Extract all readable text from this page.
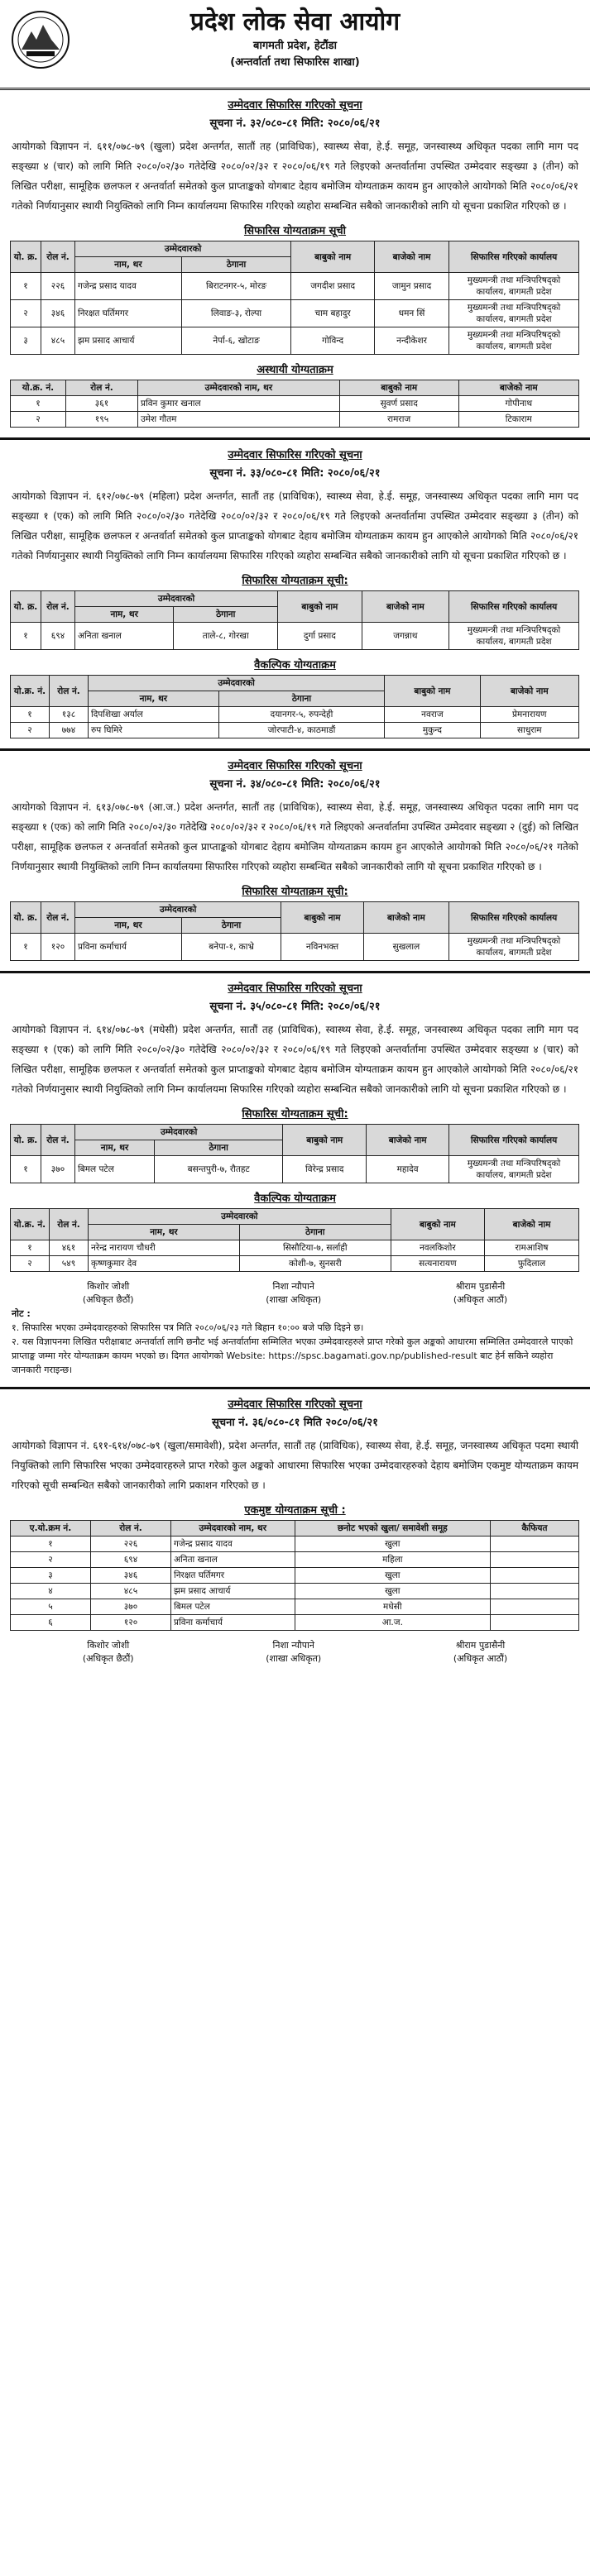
प्रदेश लोक सेवा आयोग
बागमती प्रदेश, हेटौंडा
(अन्तर्वार्ता तथा सिफारिस शाखा)
उम्मेदवार सिफारिस गरिएको सूचना
सूचना नं. ३२/०८०-८१ मिति: २०८०/०६/२१
आयोगको विज्ञापन नं. ६११/०७८-७९ (खुला) प्रदेश अन्तर्गत, सातौं तह (प्राविधिक), स्वास्थ्य सेवा, हे.ई. समूह, जनस्वास्थ्य अधिकृत पदका लागि माग पद सङ्ख्या ४ (चार) को लागि मिति २०८०/०२/३० गतेदेखि २०८०/०२/३२ र २०८०/०६/१९ गते लिइएको अन्तर्वार्तामा उपस्थित उम्मेदवार सङ्ख्या ३ (तीन) को लिखित परीक्षा, सामूहिक छलफल र अन्तर्वार्ता समेतको कुल प्राप्ताङ्कको योगबाट देहाय बमोजिम योग्यताक्रम कायम हुन आएकोले आयोगको मिति २०८०/०६/२१ गतेको निर्णयानुसार स्थायी नियुक्तिको लागि निम्न कार्यालयमा सिफारिस गरिएको व्यहोरा सम्बन्धित सबैको जानकारीको लागि यो सूचना प्रकाशित गरिएको छ ।
सिफारिस योग्यताक्रम सूची
यो. क्र.	रोल नं.	उम्मेदवारको		बाबुको नाम	बाजेको नाम	सिफारिस गरिएको कार्यालय
		नाम, थर	ठेगाना			
१	२२६	गजेन्द्र प्रसाद यादव	बिराटनगर-५, मोरङ	जगदीश प्रसाद	जामुन प्रसाद	मुख्यमन्त्री तथा मन्त्रिपरिषद्को कार्यालय, बागमती प्रदेश
२	३४६	निरक्षत घर्तिमगर	लिवाङ-३, रोल्पा	चाम बहादुर	धमन सिं	मुख्यमन्त्री तथा मन्त्रिपरिषद्को कार्यालय, बागमती प्रदेश
३	४८५	झम प्रसाद आचार्य	नेर्पा-६, खोटाङ	गोविन्द	नन्दीकेशर	मुख्यमन्त्री तथा मन्त्रिपरिषद्को कार्यालय, बागमती प्रदेश
अस्थायी योग्यताक्रम
यो.क्र. नं.	रोल नं.	उम्मेदवारको नाम, थर	बाबुको नाम	बाजेको नाम
१	३६१	प्रविन कुमार खनाल	सुवर्ण प्रसाद	गोपीनाथ
२	१९५	उमेश गौतम	रामराज	टिकाराम
उम्मेदवार सिफारिस गरिएको सूचना
सूचना नं. ३३/०८०-८१ मिति: २०८०/०६/२१
आयोगको विज्ञापन नं. ६१२/०७८-७९ (महिला) प्रदेश अन्तर्गत, सातौं तह (प्राविधिक), स्वास्थ्य सेवा, हे.ई. समूह, जनस्वास्थ्य अधिकृत पदका लागि माग पद सङ्ख्या १ (एक) को लागि मिति २०८०/०२/३० गतेदेखि २०८०/०२/३२ र २०८०/०६/१९ गते लिइएको अन्तर्वार्तामा उपस्थित उम्मेदवार सङ्ख्या ३ (तीन) को लिखित परीक्षा, सामूहिक छलफल र अन्तर्वार्ता समेतको कुल प्राप्ताङ्कको योगबाट देहाय बमोजिम योग्यताक्रम कायम हुन आएकोले आयोगको मिति २०८०/०६/२१ गतेको निर्णयानुसार स्थायी नियुक्तिको लागि निम्न कार्यालयमा सिफारिस गरिएको व्यहोरा सम्बन्धित सबैको जानकारीको लागि यो सूचना प्रकाशित गरिएको छ ।
सिफारिस योग्यताक्रम सूची:
यो. क्र.	रोल नं.	उम्मेदवारको		बाबुको नाम	बाजेको नाम	सिफारिस गरिएको कार्यालय
		नाम, थर	ठेगाना			
१	६९४	अनिता खनाल	ताले-८, गोरखा	दुर्गा प्रसाद	जगन्नाथ	मुख्यमन्त्री तथा मन्त्रिपरिषद्को कार्यालय, बागमती प्रदेश
वैकल्पिक योग्यताक्रम
यो.क्र. नं.	रोल नं.	उम्मेदवारको		बाबुको नाम	बाजेको नाम
		नाम, थर	ठेगाना		
१	१३८	दिपशिखा अर्याल	दयानगर-५, रुपन्देही	नवराज	प्रेमनारायण
२	७७४	रुप घिमिरे	जोरपाटी-४, काठमाडौं	मुकुन्द	साधुराम
उम्मेदवार सिफारिस गरिएको सूचना
सूचना नं. ३४/०८०-८१ मिति: २०८०/०६/२१
आयोगको विज्ञापन नं. ६१३/०७८-७९ (आ.ज.) प्रदेश अन्तर्गत, सातौं तह (प्राविधिक), स्वास्थ्य सेवा, हे.ई. समूह, जनस्वास्थ्य अधिकृत पदका लागि माग पद सङ्ख्या १ (एक) को लागि मिति २०८०/०२/३० गतेदेखि २०८०/०२/३२ र २०८०/०६/१९ गते लिइएको अन्तर्वार्तामा उपस्थित उम्मेदवार सङ्ख्या २ (दुई) को लिखित परीक्षा, सामूहिक छलफल र अन्तर्वार्ता समेतको कुल प्राप्ताङ्कको योगबाट देहाय बमोजिम योग्यताक्रम कायम हुन आएकोले आयोगको मिति २०८०/०६/२१ गतेको निर्णयानुसार स्थायी नियुक्तिको लागि निम्न कार्यालयमा सिफारिस गरिएको व्यहोरा सम्बन्धित सबैको जानकारीको लागि यो सूचना प्रकाशित गरिएको छ ।
सिफारिस योग्यताक्रम सूची:
यो. क्र.	रोल नं.	उम्मेदवारको		बाबुको नाम	बाजेको नाम	सिफारिस गरिएको कार्यालय
		नाम, थर	ठेगाना			
१	१२०	प्रविना कर्माचार्य	बनेपा-१, काभ्रे	नविनभक्त	सुखलाल	मुख्यमन्त्री तथा मन्त्रिपरिषद्को कार्यालय, बागमती प्रदेश
उम्मेदवार सिफारिस गरिएको सूचना
सूचना नं. ३५/०८०-८१ मिति: २०८०/०६/२१
आयोगको विज्ञापन नं. ६१४/०७८-७९ (मधेसी) प्रदेश अन्तर्गत, सातौं तह (प्राविधिक), स्वास्थ्य सेवा, हे.ई. समूह, जनस्वास्थ्य अधिकृत पदका लागि माग पद सङ्ख्या १ (एक) को लागि मिति २०८०/०२/३० गतेदेखि २०८०/०२/३२ र २०८०/०६/१९ गते लिइएको अन्तर्वार्तामा उपस्थित उम्मेदवार सङ्ख्या ४ (चार) को लिखित परीक्षा, सामूहिक छलफल र अन्तर्वार्ता समेतको कुल प्राप्ताङ्कको योगबाट देहाय बमोजिम योग्यताक्रम कायम हुन आएकोले आयोगको मिति २०८०/०६/२१ गतेको निर्णयानुसार स्थायी नियुक्तिको लागि निम्न कार्यालयमा सिफारिस गरिएको व्यहोरा सम्बन्धित सबैको जानकारीको लागि यो सूचना प्रकाशित गरिएको छ ।
सिफारिस योग्यताक्रम सूची:
यो. क्र.	रोल नं.	उम्मेदवारको		बाबुको नाम	बाजेको नाम	सिफारिस गरिएको कार्यालय
		नाम, थर	ठेगाना			
१	३७०	बिमल पटेल	बसन्तपुरी-७, रौतहट	विरेन्द्र प्रसाद	महादेव	मुख्यमन्त्री तथा मन्त्रिपरिषद्को कार्यालय, बागमती प्रदेश
वैकल्पिक योग्यताक्रम
यो.क्र. नं.	रोल नं.	उम्मेदवारको		बाबुको नाम	बाजेको नाम
		नाम, थर	ठेगाना		
१	४६१	नरेन्द्र नारायण चौधरी	सिसौटिया-७, सर्लाही	नवलकिशोर	रामआशिष
२	५४९	कृष्णकुमार देव	कोशी-७, सुनसरी	सत्यनारायण	फुदिलाल
किशोर जोशी
(अधिकृत छैठौं)
निशा न्यौपाने
(शाखा अधिकृत)
श्रीराम पुडासैनी
(अधिकृत आठौं)
नोट :
१. सिफारिस भएका उम्मेदवारहरुको सिफारिस पत्र मिति २०८०/०६/२३ गते बिहान १०:०० बजे पछि दिइने छ।
२. यस विज्ञापनमा लिखित परीक्षाबाट अन्तर्वार्ता लागि छनौट भई अन्तर्वार्तामा सम्मिलित भएका उम्मेदवारहरुले प्राप्त गरेको कुल अङ्कको आधारमा सम्मिलित उम्मेदवारले पाएको प्राप्ताङ्क जम्मा गरेर योग्यताक्रम कायम भएको छ। दिगत आयोगको Website: https://spsc.bagamati.gov.np/published-result बाट हेर्न सकिने व्यहोरा जानकारी गराइन्छ।
उम्मेदवार सिफारिस गरिएको सूचना
सूचना नं. ३६/०८०-८१ मिति २०८०/०६/२१
आयोगको विज्ञापन नं. ६११-६१४/०७८-७९ (खुला/समावेशी), प्रदेश अन्तर्गत, सातौं तह (प्राविधिक), स्वास्थ्य सेवा, हे.ई. समूह, जनस्वास्थ्य अधिकृत पदमा स्थायी नियुक्तिको लागि सिफारिस भएका उम्मेदवारहरुले प्राप्त गरेको कुल अङ्कको आधारमा सिफारिस भएका उम्मेदवारहरुको देहाय बमोजिम एकमुष्ट योग्यताक्रम कायम गरिएको सूची सम्बन्धित सबैको जानकारीको लागि प्रकाशन गरिएको छ ।
एकमुष्ट योग्यताक्रम सूची :
ए.यो.क्रम नं.	रोल नं.	उम्मेदवारको नाम, थर	छनोट भएको खुला/ समावेशी समूह	कैफियत
१	२२६	गजेन्द्र प्रसाद यादव	खुला	
२	६९४	अनिता खनाल	महिला	
३	३४६	निरक्षत घर्तिमगर	खुला	
४	४८५	झम प्रसाद आचार्य	खुला	
५	३७०	बिमल पटेल	मधेसी	
६	१२०	प्रविना कर्माचार्य	आ.ज.	
किशोर जोशी
(अधिकृत छैठौं)
निशा न्यौपाने
(शाखा अधिकृत)
श्रीराम पुडासैनी
(अधिकृत आठौं)
